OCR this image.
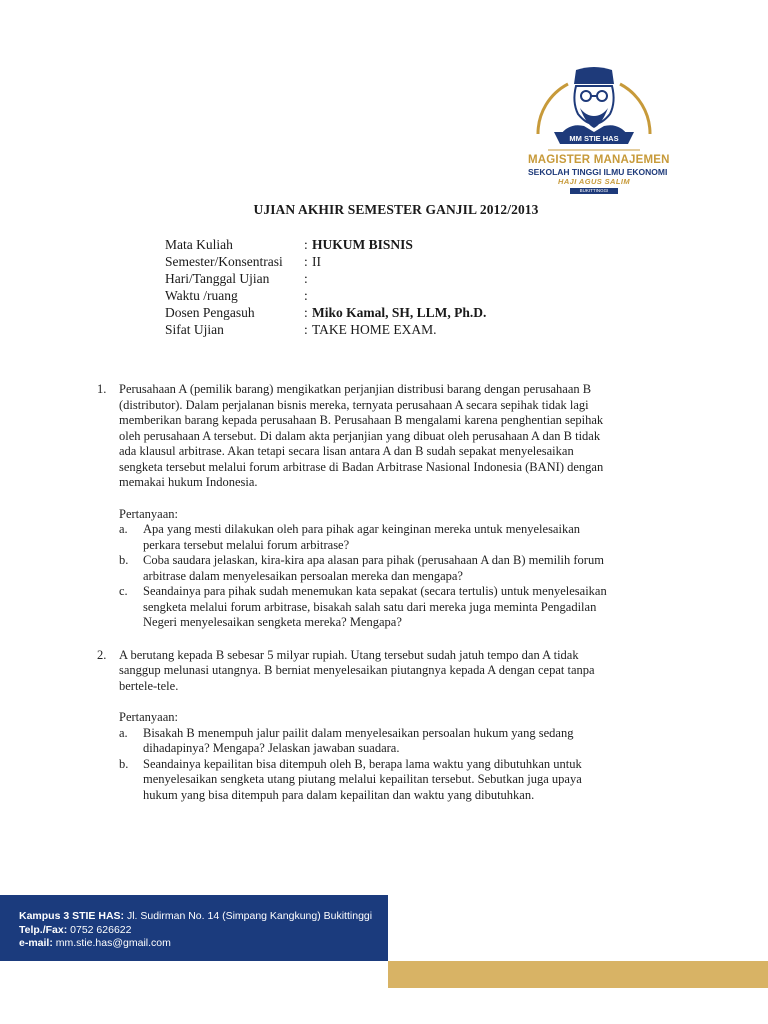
MM STIE HAS
MAGISTER MANAJEMEN
SEKOLAH TINGGI ILMU EKONOMI
HAJI AGUS SALIM
BUKITTINGGI
UJIAN AKHIR SEMESTER GANJIL 2012/2013
Mata Kuliah	: HUKUM BISNIS
Semester/Konsentrasi	: II
Hari/Tanggal Ujian	:
Waktu /ruang	:
Dosen Pengasuh	: Miko Kamal, SH, LLM, Ph.D.
Sifat Ujian	: TAKE HOME EXAM.
1. Perusahaan A (pemilik barang) mengikatkan perjanjian distribusi barang dengan perusahaan B
(distributor). Dalam perjalanan bisnis mereka, ternyata perusahaan A secara sepihak tidak lagi
memberikan barang kepada perusahaan B. Perusahaan B mengalami karena penghentian sepihak
oleh perusahaan A tersebut. Di dalam akta perjanjian yang dibuat oleh perusahaan A dan B tidak
ada klausul arbitrase. Akan tetapi secara lisan antara A dan B sudah sepakat menyelesaikan
sengketa tersebut melalui forum arbitrase di Badan Arbitrase Nasional Indonesia (BANI) dengan
memakai hukum Indonesia.
Pertanyaan:
a. Apa yang mesti dilakukan oleh para pihak agar keinginan mereka untuk menyelesaikan
perkara tersebut melalui forum arbitrase?
b. Coba saudara jelaskan, kira-kira apa alasan para pihak (perusahaan A dan B) memilih forum
arbitrase dalam menyelesaikan persoalan mereka dan mengapa?
c. Seandainya para pihak sudah menemukan kata sepakat (secara tertulis) untuk menyelesaikan
sengketa melalui forum arbitrase, bisakah salah satu dari mereka juga meminta Pengadilan
Negeri menyelesaikan sengketa mereka? Mengapa?
2. A berutang kepada B sebesar 5 milyar rupiah. Utang tersebut sudah jatuh tempo dan A tidak
sanggup melunasi utangnya. B berniat menyelesaikan piutangnya kepada A dengan cepat tanpa
bertele-tele.
Pertanyaan:
a. Bisakah B menempuh jalur pailit dalam menyelesaikan persoalan hukum yang sedang
dihadapinya? Mengapa? Jelaskan jawaban suadara.
b. Seandainya kepailitan bisa ditempuh oleh B, berapa lama waktu yang dibutuhkan untuk
menyelesaikan sengketa utang piutang melalui kepailitan tersebut. Sebutkan juga upaya
hukum yang bisa ditempuh para dalam kepailitan dan waktu yang dibutuhkan.
Kampus 3 STIE HAS: Jl. Sudirman No. 14 (Simpang Kangkung) Bukittinggi
Telp./Fax: 0752 626622
e-mail: mm.stie.has@gmail.com
